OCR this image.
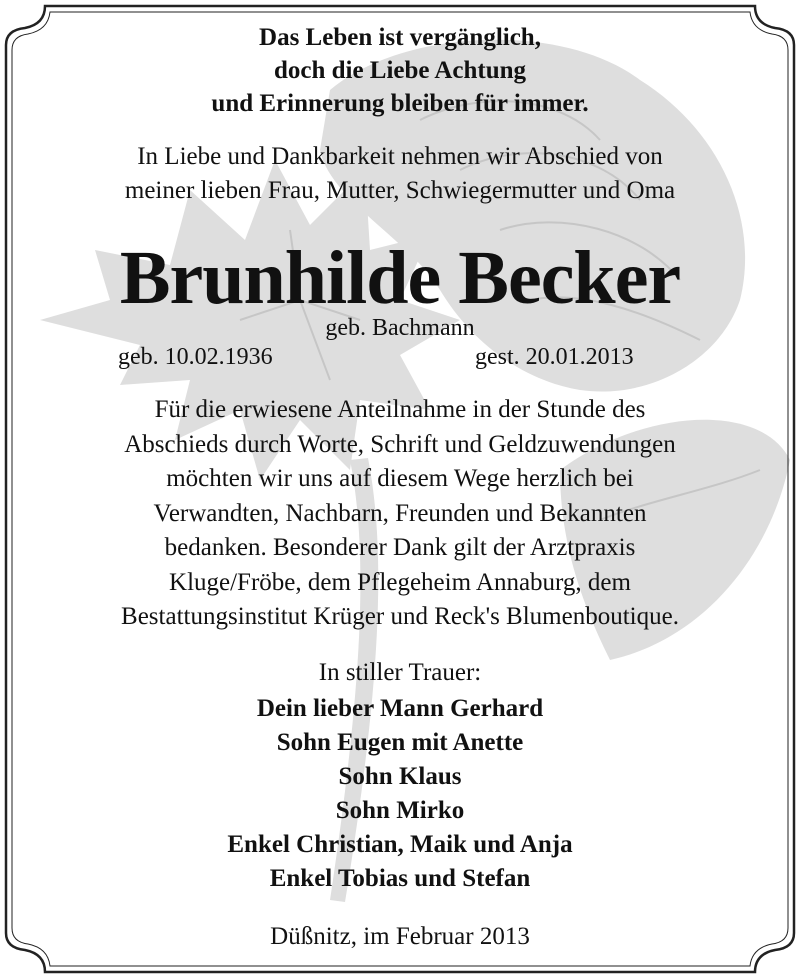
Das Leben ist vergänglich,
doch die Liebe Achtung
und Erinnerung bleiben für immer.
In Liebe und Dankbarkeit nehmen wir Abschied von
meiner lieben Frau, Mutter, Schwiegermutter und Oma
Brunhilde Becker
geb. Bachmann
geb. 10.02.1936	gest. 20.01.2013
Für die erwiesene Anteilnahme in der Stunde des
Abschieds durch Worte, Schrift und Geldzuwendungen
möchten wir uns auf diesem Wege herzlich bei
Verwandten, Nachbarn, Freunden und Bekannten
bedanken. Besonderer Dank gilt der Arztpraxis
Kluge/Fröbe, dem Pflegeheim Annaburg, dem
Bestattungsinstitut Krüger und Reck's Blumenboutique.
In stiller Trauer:
Dein lieber Mann Gerhard
Sohn Eugen mit Anette
Sohn Klaus
Sohn Mirko
Enkel Christian, Maik und Anja
Enkel Tobias und Stefan
Düßnitz, im Februar 2013
